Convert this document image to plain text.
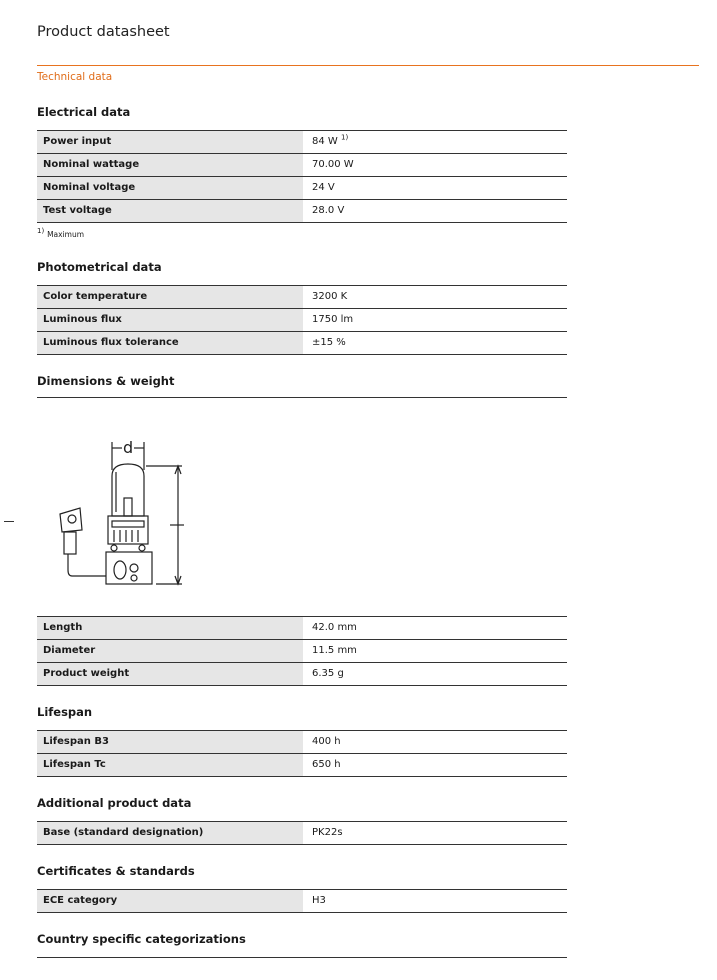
Product datasheet
Technical data
Electrical data
Power input	84 W $^{1)}$
Nominal wattage	70.00 W
Nominal voltage	24 V
Test voltage	28.0 V
$^{1)}$ Maximum
Photometrical data
Color temperature	3200 K
Luminous flux	1750 lm
Luminous flux tolerance	±15 %
Dimensions & weight
d
Length	42.0 mm
Diameter	11.5 mm
Product weight	6.35 g
Lifespan
Lifespan B3	400 h
Lifespan Tc	650 h
Additional product data
Base (standard designation)	PK22s
Certificates & standards
ECE category	H3
Country specific categorizations
